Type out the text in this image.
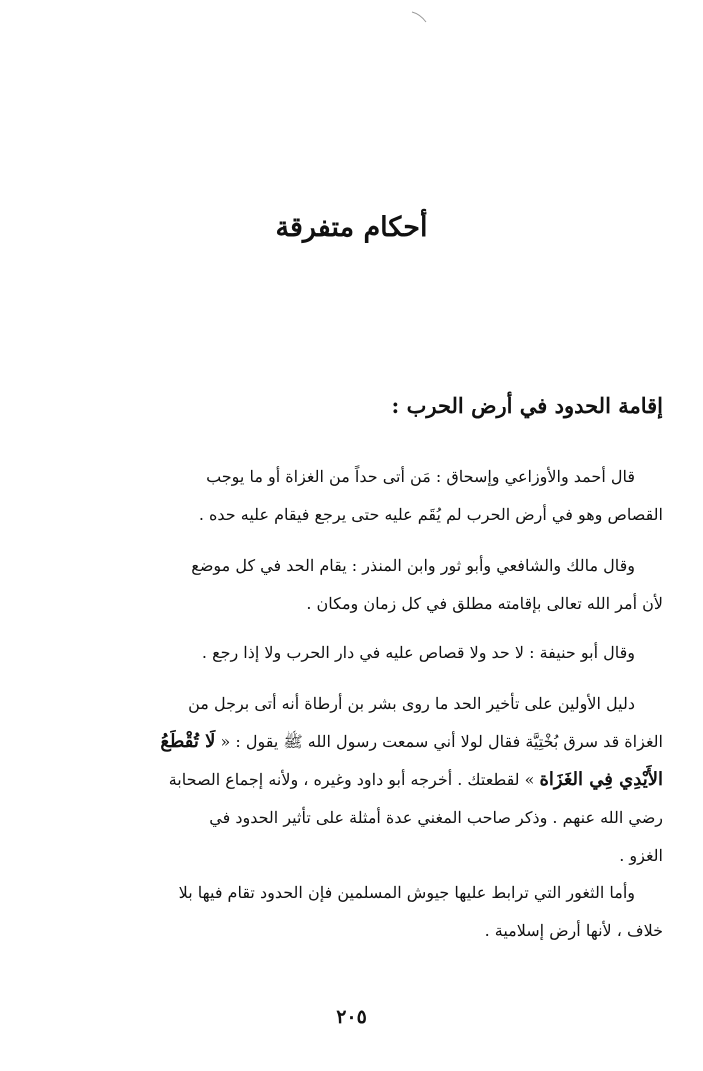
أحكام متفرقة
إقامة الحدود في أرض الحرب :
قال أحمد والأوزاعي وإسحاق : مَن أتى حداً من الغزاة أو ما يوجب
القصاص وهو في أرض الحرب لم يُقَم عليه حتى يرجع فيقام عليه حده .
وقال مالك والشافعي وأبو ثور وابن المنذر : يقام الحد في كل موضع
لأن أمر الله تعالى بإقامته مطلق في كل زمان ومكان .
وقال أبو حنيفة : لا حد ولا قصاص عليه في دار الحرب ولا إذا رجع .
دليل الأولين على تأخير الحد ما روى بشر بن أرطاة أنه أتى برجل من
الغزاة قد سرق بُخْتِيَّة فقال لولا أني سمعت رسول الله ﷺ يقول : « لَا تُقْطَعُ
الأَيْدِي فِي الغَزَاة » لقطعتك . أخرجه أبو داود وغيره ، ولأنه إجماع الصحابة
رضي الله عنهم . وذكر صاحب المغني عدة أمثلة على تأثير الحدود في
الغزو .
وأما الثغور التي ترابط عليها جيوش المسلمين فإن الحدود تقام فيها بلا
خلاف ، لأنها أرض إسلامية .
٢٠٥
